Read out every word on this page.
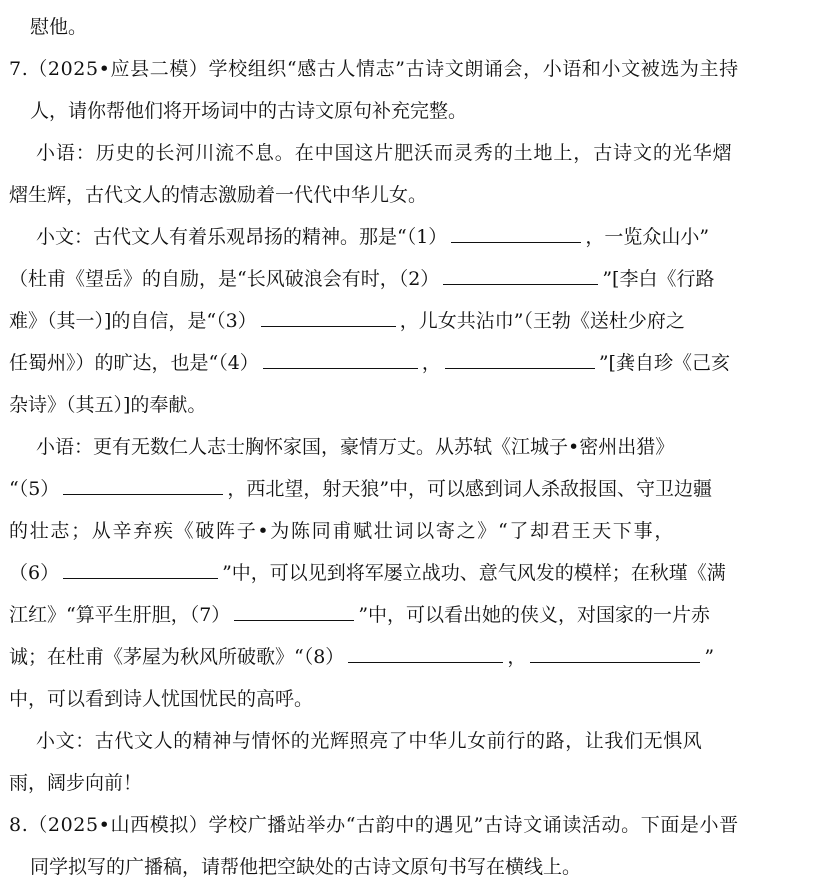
慰他。
7.（2025•应县二模）学校组织“感古人情志”古诗文朗诵会，小语和小文被选为主持
人，请你帮他们将开场词中的古诗文原句补充完整。
小语：历史的长河川流不息。在中国这片肥沃而灵秀的土地上，古诗文的光华熠
熠生辉，古代文人的情志激励着一代代中华儿女。
小文：古代文人有着乐观昂扬的精神。那是“（1）	，一览众山小”
（杜甫《望岳》的自励，是“长风破浪会有时，（2）	”[李白《行路
难》（其一）]的自信，是“（3）	，儿女共沾巾”（王勃《送杜少府之
任蜀州》）的旷达，也是“（4）	，	”[龚自珍《己亥
杂诗》（其五）]的奉献。
小语：更有无数仁人志士胸怀家国，豪情万丈。从苏轼《江城子•密州出猎》
“（5）	，西北望，射天狼”中，可以感到词人杀敌报国、守卫边疆
的壮志；从辛弃疾《破阵子•为陈同甫赋壮词以寄之》“了却君王天下事，
（6）	”中，可以见到将军屡立战功、意气风发的模样；在秋瑾《满
江红》“算平生肝胆，（7）	”中，可以看出她的侠义，对国家的一片赤
诚；在杜甫《茅屋为秋风所破歌》“（8）	，	”
中，可以看到诗人忧国忧民的高呼。
小文：古代文人的精神与情怀的光辉照亮了中华儿女前行的路，让我们无惧风
雨，阔步向前！
8.（2025•山西模拟）学校广播站举办“古韵中的遇见”古诗文诵读活动。下面是小晋
同学拟写的广播稿，请帮他把空缺处的古诗文原句书写在横线上。
